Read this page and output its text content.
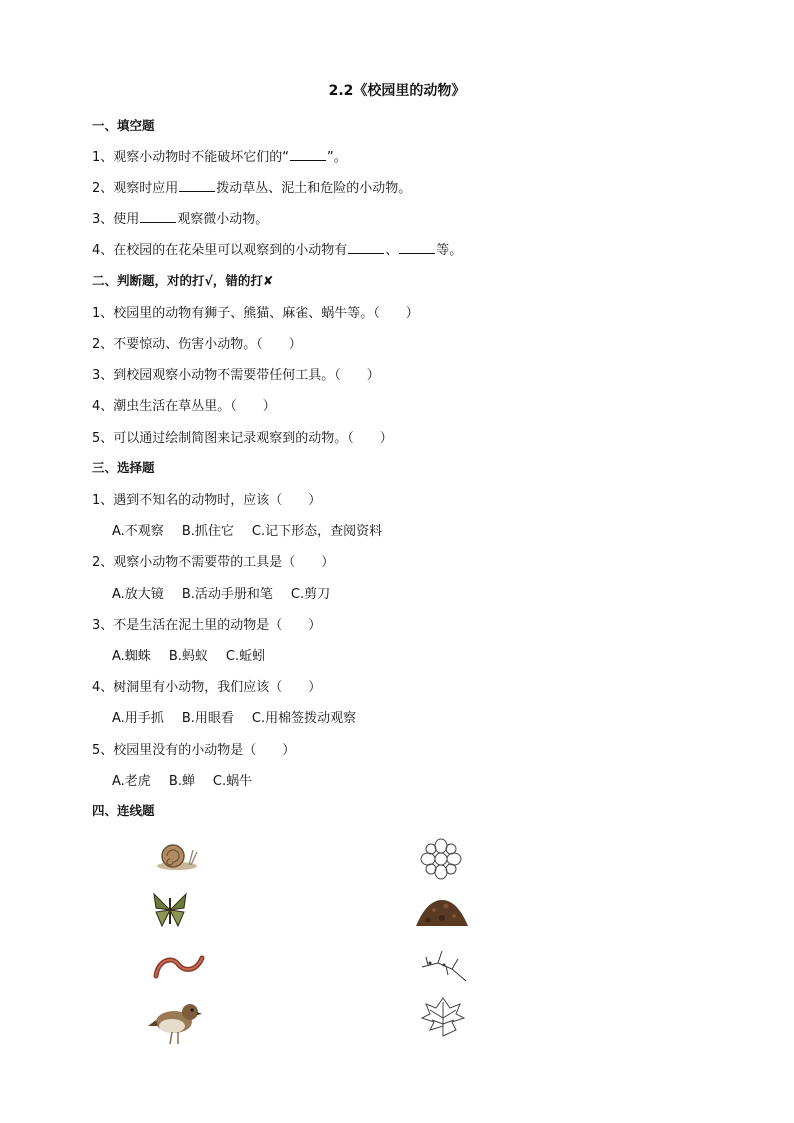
2.2《校园里的动物》
一、填空题
1、观察小动物时不能破坏它们的“	”。
2、观察时应用	拨动草丛、泥土和危险的小动物。
3、使用	观察微小动物。
4、在校园的在花朵里可以观察到的小动物有	、	等。
二、判断题，对的打√，错的打✘
1、校园里的动物有狮子、熊猫、麻雀、蜗牛等。（　　）
2、不要惊动、伤害小动物。（　　）
3、到校园观察小动物不需要带任何工具。（　　）
4、潮虫生活在草丛里。（　　）
5、可以通过绘制简图来记录观察到的动物。（　　）
三、选择题
1、遇到不知名的动物时，应该（　　）
A.不观察 B.抓住它 C.记下形态，查阅资料
2、观察小动物不需要带的工具是（　　）
A.放大镜 B.活动手册和笔 C.剪刀
3、不是生活在泥土里的动物是（　　）
A.蜘蛛 B.蚂蚁 C.蚯蚓
4、树洞里有小动物，我们应该（　　）
A.用手抓 B.用眼看 C.用棉签拨动观察
5、校园里没有的小动物是（　　）
A.老虎 B.蝉 C.蜗牛
四、连线题
